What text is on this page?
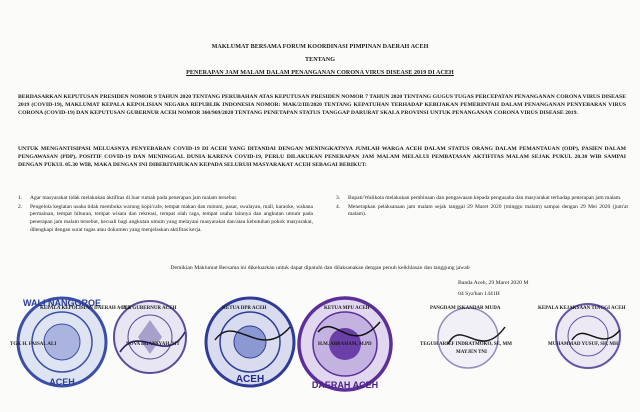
MAKLUMAT BERSAMA FORUM KOORDINASI PIMPINAN DAERAH ACEH
TENTANG
PENERAPAN JAM MALAM DALAM PENANGANAN CORONA VIRUS DISEASE 2019 DI ACEH
BERDASARKAN KEPUTUSAN PRESIDEN NOMOR 9 TAHUN 2020 TENTANG PERUBAHAN ATAS KEPUTUSAN PRESIDEN NOMOR 7 TAHUN 2020 TENTANG GUGUS TUGAS PERCEPATAN PENANGANAN CORONA VIRUS DISEASE 2019 (COVID-19), MAKLUMAT KEPALA KEPOLISIAN NEGARA REPUBLIK INDONESIA NOMOR: MAK/2/III/2020 TENTANG KEPATUHAN TERHADAP KEBIJAKAN PEMERINTAH DALAM PENANGANAN PENYEBARAN VIRUS CORONA (COVID-19) DAN KEPUTUSAN GUBERNUR ACEH NOMOR 360/969/2020 TENTANG PENETAPAN STATUS TANGGAP DARURAT SKALA PROVINSI UNTUK PENANGANAN CORONA VIRUS DISEASE 2019.
UNTUK MENGANTISIPASI MELUASNYA PENYEBARAN COVID-19 DI ACEH YANG DITANDAI DENGAN MENINGKATNYA JUMLAH WARGA ACEH DALAM STATUS ORANG DALAM PEMANTAUAN (ODP), PASIEN DALAM PENGAWASAN (PDP), POSITIF COVID-19 DAN MENINGGAL DUNIA KARENA COVID-19, PERLU DILAKUKAN PENERAPAN JAM MALAM MELALUI PEMBATASAN AKTIFITAS MALAM SEJAK PUKUL 20.30 WIB SAMPAI DENGAN PUKUL 05.30 WIB, MAKA DENGAN INI DIBERITAHUKAN KEPADA SELURUH MASYARAKAT ACEH SEBAGAI BERIKUT:
1. Agar masyarakat tidak melakukan aktifitas di luar rumah pada penerapan jam malam tersebut.
2. Pengelola kegiatan usaha tidak membuka warung kopi/cafe, tempat makan dan minum, pasar, swalayan, mall, karaoke, wahana permainan, tempat hiburan, tempat wisata dan rekreasi, tempat olah raga, tempat usaha lainnya dan angkutan umum pada penerapan jam malam tersebut, kecuali bagi angkutan umum yang melayani masyarakat dan/atau kebutuhan pokok masyarakat, dilengkapi dengan surat tugas atau dokumen yang menjelaskan aktifitas kerja.
3. Bupati/Walikota melakukan pembinaan dan pengawasan kepada pengusaha dan masyarakat terhadap penerapan jam malam.
4. Menerapkan pelaksanaan jam malam sejak tanggal 29 Maret 2020 (minggu malam) sampai dengan 29 Mei 2020 (jum'at malam).
Demikian Maklumat Bersama ini dikeluarkan untuk dapat dipatuhi dan dilaksanakan dengan penuh keikhlasan dan tanggung jawab
Banda Aceh, 29 Maret 2020 M
04 Sya'ban 1441H
WALI NANGGROE
ACEH	ACEH	DAERAH ACEH
KEPALA KEPOLISIAN DAERAH ACEH
PLT GUBERNUR ACEH	KETUA DPR ACEH	KETUA MPU ACEH	PANGDAM ISKANDAR MUDA	KEPALA KEJAKSAAN TINGGI ACEH
TGK H. FAISAL ALI	NOVA IRIANSYAH, MT	H.M. ABRAHAM, M.PD	TEGUH ARIEF INDRATMOKO, SE, MM
MAYJEN TNI
MUHAMMAD YUSUF, SH, MH
